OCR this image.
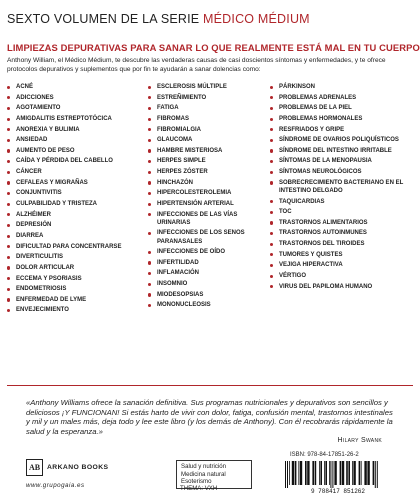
SEXTO VOLUMEN DE LA SERIE MÉDICO MÉDIUM
LIMPIEZAS DEPURATIVAS PARA SANAR LO QUE REALMENTE ESTÁ MAL EN TU CUERPO
Anthony William, el Médico Médium, te descubre las verdaderas causas de casi doscientos síntomas y enfermedades, y te ofrece protocolos depurativos y suplementos que por fin te ayudarán a sanar dolencias como:
ACNÉ
ADICCIONES
AGOTAMIENTO
AMIGDALITIS ESTREPTOTÓCICA
ANOREXIA Y BULIMIA
ANSIEDAD
AUMENTO DE PESO
CAÍDA Y PÉRDIDA DEL CABELLO
CÁNCER
CEFALEAS Y MIGRAÑAS
CONJUNTIVITIS
CULPABILIDAD Y TRISTEZA
ALZHÉIMER
DEPRESIÓN
DIARREA
DIFICULTAD PARA CONCENTRARSE
DIVERTICULITIS
DOLOR ARTICULAR
ECCEMA Y PSORIASIS
ENDOMETRIOSIS
ENFERMEDAD DE LYME
ENVEJECIMIENTO
ESCLEROSIS MÚLTIPLE
ESTREÑIMIENTO
FATIGA
FIBROMAS
FIBROMIALGIA
GLAUCOMA
HAMBRE MISTERIOSA
HERPES SIMPLE
HERPES ZÓSTER
HINCHAZÓN
HIPERCOLESTEROLEMIA
HIPERTENSIÓN ARTERIAL
INFECCIONES DE LAS VÍAS URINARIAS
INFECCIONES DE LOS SENOS PARANASALES
INFECCIONES DE OÍDO
INFERTILIDAD
INFLAMACIÓN
INSOMNIO
MIODESOPSIAS
MONONUCLEOSIS
PÁRKINSON
PROBLEMAS ADRENALES
PROBLEMAS DE LA PIEL
PROBLEMAS HORMONALES
RESFRIADOS Y GRIPE
SÍNDROME DE OVARIOS POLIQUÍSTICOS
SÍNDROME DEL INTESTINO IRRITABLE
SÍNTOMAS DE LA MENOPAUSIA
SÍNTOMAS NEUROLÓGICOS
SOBRECRECIMIENTO BACTERIANO EN EL INTESTINO DELGADO
TAQUICARDIAS
TOC
TRASTORNOS ALIMENTARIOS
TRASTORNOS AUTOINMUNES
TRASTORNOS DEL TIROIDES
TUMORES Y QUISTES
VEJIGA HIPERACTIVA
VÉRTIGO
VIRUS DEL PAPILOMA HUMANO
«Anthony Williams ofrece la sanación definitiva. Sus programas nutricionales y depurativos son sencillos y deliciosos ¡Y FUNCIONAN! Si estás harto de vivir con dolor, fatiga, confusión mental, trastornos intestinales y mil y un males más, deja todo y lee este libro (y los demás de Anthony). Con él recobrarás rápidamente la salud y la esperanza.»
Hilary Swank
AB ARKANO BOOKS
www.grupogaia.es
Salud y nutrición
Medicina natural
Esoterismo
THEMA: VXH
ISBN: 978-84-17851-26-2
9 788417 851262
